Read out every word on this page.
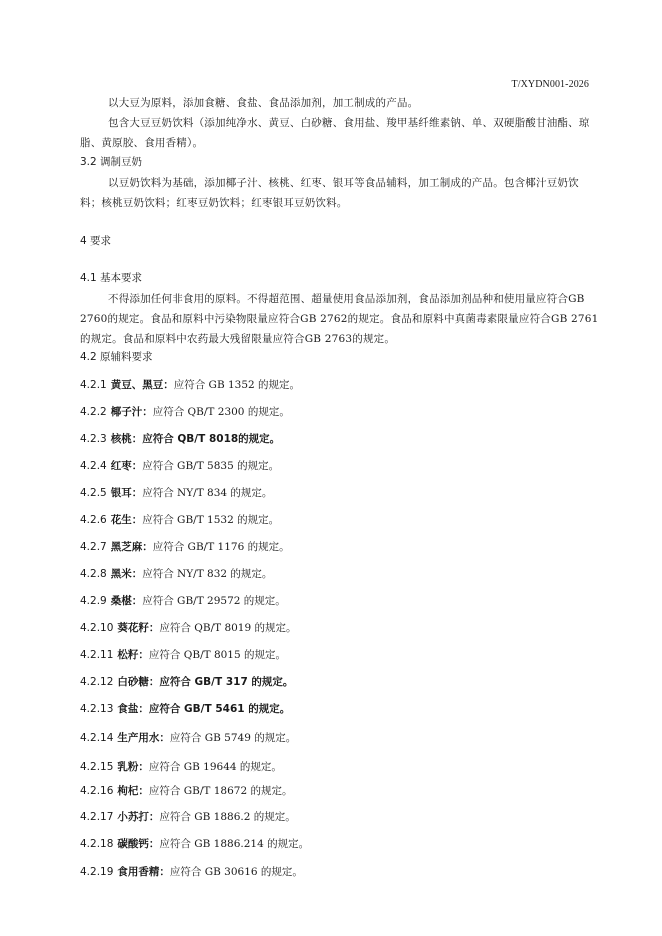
T/XYDN001-2026
以大豆为原料，添加食糖、食盐、食品添加剂，加工制成的产品。
包含大豆豆奶饮料（添加纯净水、黄豆、白砂糖、食用盐、羧甲基纤维素钠、单、双硬脂酸甘油酯、琼脂、黄原胶、食用香精）。
3.2 调制豆奶
以豆奶饮料为基础，添加椰子汁、核桃、红枣、银耳等食品辅料，加工制成的产品。包含椰汁豆奶饮料；核桃豆奶饮料；红枣豆奶饮料；红枣银耳豆奶饮料。
4 要求
4.1 基本要求
不得添加任何非食用的原料。不得超范围、超量使用食品添加剂，食品添加剂品种和使用量应符合GB 2760的规定。食品和原料中污染物限量应符合GB 2762的规定。食品和原料中真菌毒素限量应符合GB 2761的规定。食品和原料中农药最大残留限量应符合GB 2763的规定。
4.2 原辅料要求
4.2.1 黄豆、黑豆：应符合 GB 1352 的规定。
4.2.2 椰子汁：应符合 QB/T 2300 的规定。
4.2.3 核桃：应符合 QB/T 8018的规定。
4.2.4 红枣：应符合 GB/T 5835 的规定。
4.2.5 银耳：应符合 NY/T 834 的规定。
4.2.6 花生：应符合 GB/T 1532 的规定。
4.2.7 黑芝麻：应符合 GB/T 1176 的规定。
4.2.8 黑米：应符合 NY/T 832 的规定。
4.2.9 桑椹：应符合 GB/T 29572 的规定。
4.2.10 葵花籽：应符合 QB/T 8019 的规定。
4.2.11 松籽：应符合 QB/T 8015 的规定。
4.2.12 白砂糖：应符合 GB/T 317 的规定。
4.2.13 食盐：应符合 GB/T 5461 的规定。
4.2.14 生产用水：应符合 GB 5749 的规定。
4.2.15 乳粉：应符合 GB 19644 的规定。
4.2.16 枸杞：应符合 GB/T 18672 的规定。
4.2.17 小苏打：应符合 GB 1886.2 的规定。
4.2.18 碳酸钙：应符合 GB 1886.214 的规定。
4.2.19 食用香精：应符合 GB 30616 的规定。
